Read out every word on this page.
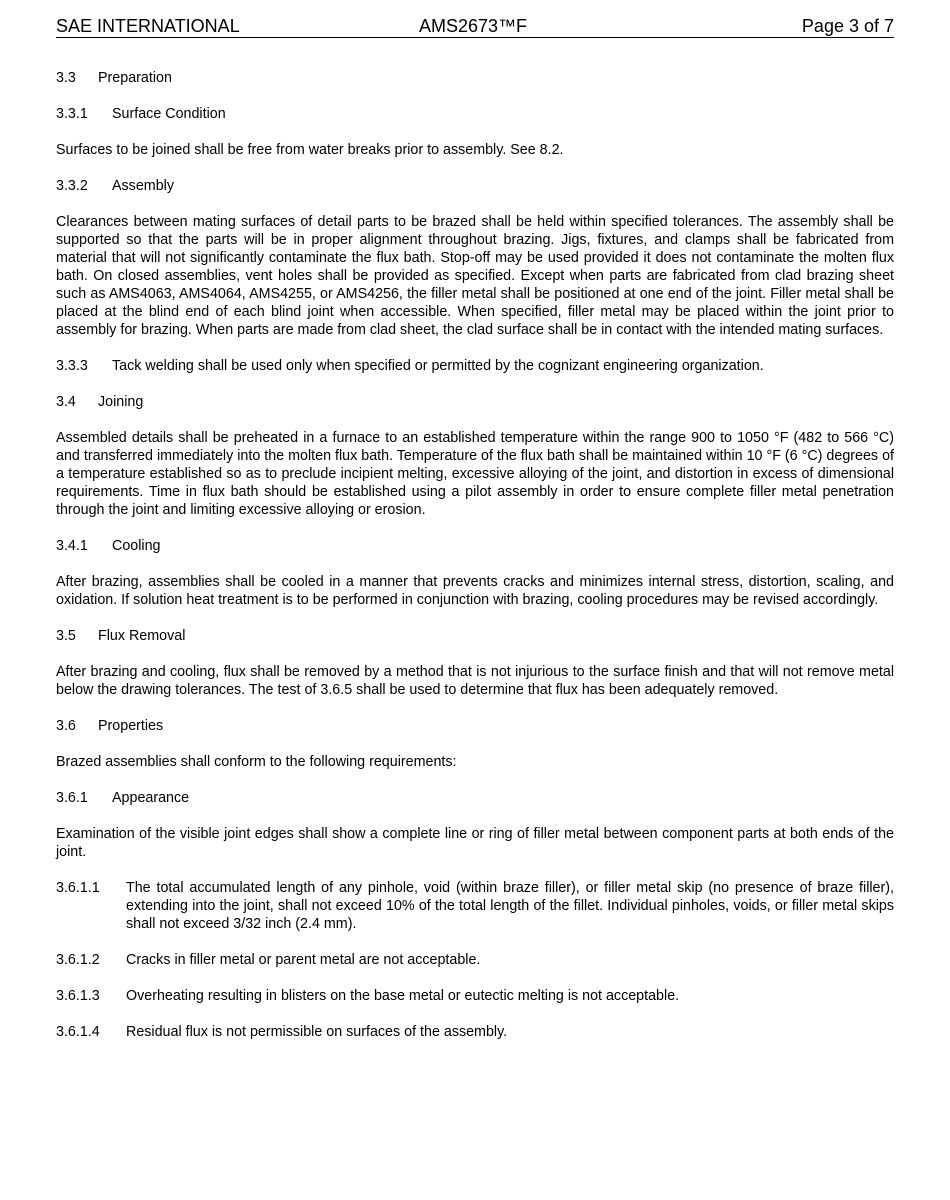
SAE INTERNATIONAL	AMS2673™F	Page 3 of 7
3.3 Preparation
3.3.1 Surface Condition
Surfaces to be joined shall be free from water breaks prior to assembly. See 8.2.
3.3.2 Assembly
Clearances between mating surfaces of detail parts to be brazed shall be held within specified tolerances. The assembly shall be supported so that the parts will be in proper alignment throughout brazing. Jigs, fixtures, and clamps shall be fabricated from material that will not significantly contaminate the flux bath. Stop-off may be used provided it does not contaminate the molten flux bath. On closed assemblies, vent holes shall be provided as specified. Except when parts are fabricated from clad brazing sheet such as AMS4063, AMS4064, AMS4255, or AMS4256, the filler metal shall be positioned at one end of the joint. Filler metal shall be placed at the blind end of each blind joint when accessible. When specified, filler metal may be placed within the joint prior to assembly for brazing. When parts are made from clad sheet, the clad surface shall be in contact with the intended mating surfaces.
3.3.3	Tack welding shall be used only when specified or permitted by the cognizant engineering organization.
3.4 Joining
Assembled details shall be preheated in a furnace to an established temperature within the range 900 to 1050 °F (482 to 566 °C) and transferred immediately into the molten flux bath. Temperature of the flux bath shall be maintained within 10 °F (6 °C) degrees of a temperature established so as to preclude incipient melting, excessive alloying of the joint, and distortion in excess of dimensional requirements. Time in flux bath should be established using a pilot assembly in order to ensure complete filler metal penetration through the joint and limiting excessive alloying or erosion.
3.4.1 Cooling
After brazing, assemblies shall be cooled in a manner that prevents cracks and minimizes internal stress, distortion, scaling, and oxidation. If solution heat treatment is to be performed in conjunction with brazing, cooling procedures may be revised accordingly.
3.5 Flux Removal
After brazing and cooling, flux shall be removed by a method that is not injurious to the surface finish and that will not remove metal below the drawing tolerances. The test of 3.6.5 shall be used to determine that flux has been adequately removed.
3.6 Properties
Brazed assemblies shall conform to the following requirements:
3.6.1 Appearance
Examination of the visible joint edges shall show a complete line or ring of filler metal between component parts at both ends of the joint.
3.6.1.1	The total accumulated length of any pinhole, void (within braze filler), or filler metal skip (no presence of braze filler), extending into the joint, shall not exceed 10% of the total length of the fillet. Individual pinholes, voids, or filler metal skips shall not exceed 3/32 inch (2.4 mm).
3.6.1.2	Cracks in filler metal or parent metal are not acceptable.
3.6.1.3	Overheating resulting in blisters on the base metal or eutectic melting is not acceptable.
3.6.1.4	Residual flux is not permissible on surfaces of the assembly.
